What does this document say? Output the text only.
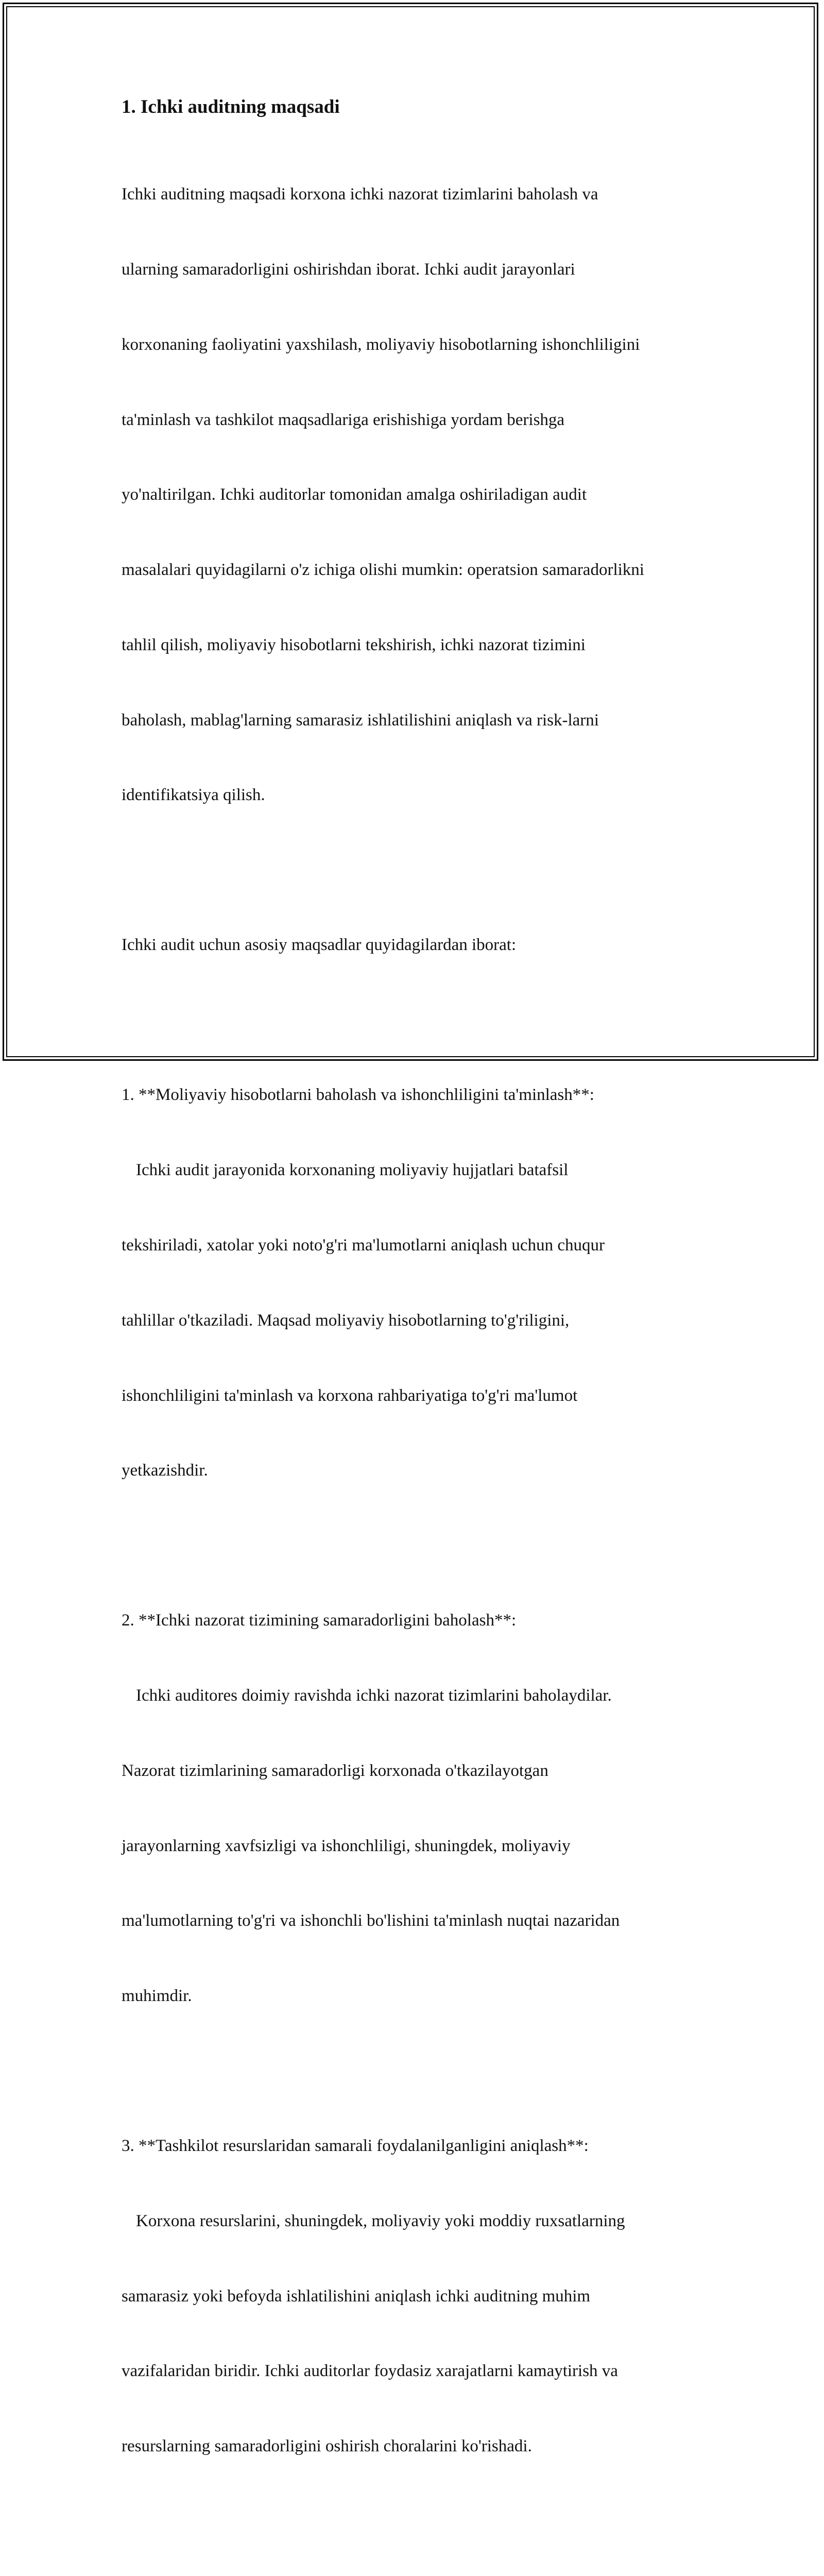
1. Ichki auditning maqsadi

Ichki auditning maqsadi korxona ichki nazorat tizimlarini baholash va

ularning samaradorligini oshirishdan iborat. Ichki audit jarayonlari

korxonaning faoliyatini yaxshilash, moliyaviy hisobotlarning ishonchliligini

ta'minlash va tashkilot maqsadlariga erishishiga yordam berishga

yo'naltirilgan. Ichki auditorlar tomonidan amalga oshiriladigan audit

masalalari quyidagilarni o'z ichiga olishi mumkin: operatsion samaradorlikni

tahlil qilish, moliyaviy hisobotlarni tekshirish, ichki nazorat tizimini

baholash, mablag'larning samarasiz ishlatilishini aniqlash va risk-larni

identifikatsiya qilish.

Ichki audit uchun asosiy maqsadlar quyidagilardan iborat:

1. **Moliyaviy hisobotlarni baholash va ishonchliligini ta'minlash**:

Ichki audit jarayonida korxonaning moliyaviy hujjatlari batafsil

tekshiriladi, xatolar yoki noto'g'ri ma'lumotlarni aniqlash uchun chuqur

tahlillar o'tkaziladi. Maqsad moliyaviy hisobotlarning to'g'riligini,

ishonchliligini ta'minlash va korxona rahbariyatiga to'g'ri ma'lumot

yetkazishdir.

2. **Ichki nazorat tizimining samaradorligini baholash**:

Ichki auditores doimiy ravishda ichki nazorat tizimlarini baholaydilar.

Nazorat tizimlarining samaradorligi korxonada o'tkazilayotgan

jarayonlarning xavfsizligi va ishonchliligi, shuningdek, moliyaviy

ma'lumotlarning to'g'ri va ishonchli bo'lishini ta'minlash nuqtai nazaridan

muhimdir.

3. **Tashkilot resurslaridan samarali foydalanilganligini aniqlash**:

Korxona resurslarini, shuningdek, moliyaviy yoki moddiy ruxsatlarning

samarasiz yoki befoyda ishlatilishini aniqlash ichki auditning muhim

vazifalaridan biridir. Ichki auditorlar foydasiz xarajatlarni kamaytirish va

resurslarning samaradorligini oshirish choralarini ko'rishadi.
